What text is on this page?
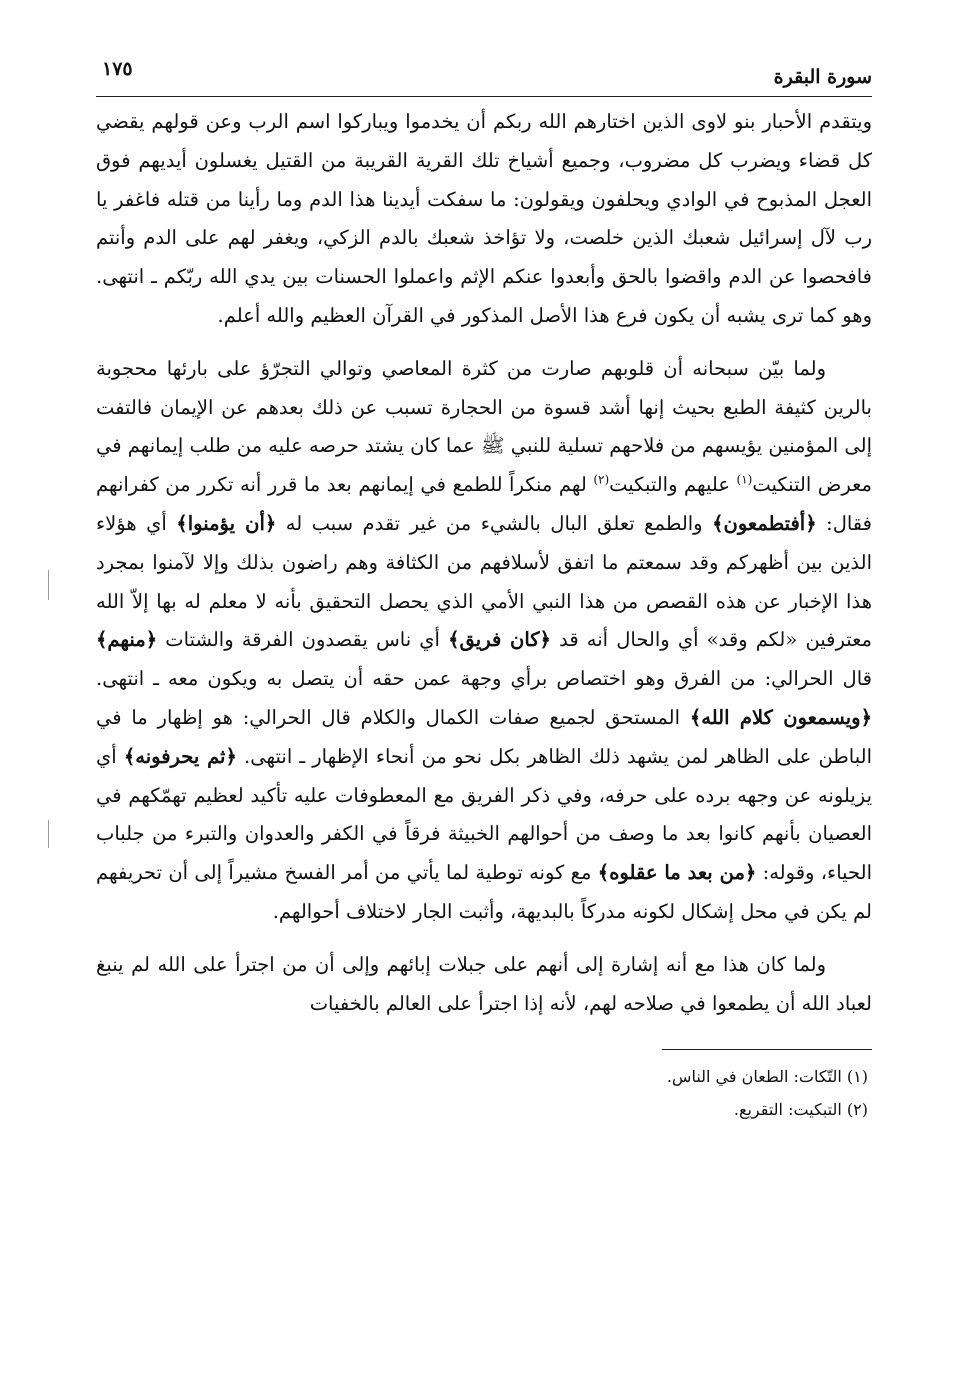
سورة البقرة
١٧٥

ويتقدم الأحبار بنو لاوى الذين اختارهم الله ربكم أن يخدموا ويباركوا اسم الرب وعن قولهم يقضي كل قضاء ويضرب كل مضروب، وجميع أشياخ تلك القرية القريبة من القتيل يغسلون أيديهم فوق العجل المذبوح في الوادي ويحلفون ويقولون: ما سفكت أيدينا هذا الدم وما رأينا من قتله فاغفر يا رب لآل إسرائيل شعبك الذين خلصت، ولا تؤاخذ شعبك بالدم الزكي، ويغفر لهم على الدم وأنتم فافحصوا عن الدم واقضوا بالحق وأبعدوا عنكم الإثم واعملوا الحسنات بين يدي الله ربّكم ـ انتهى. وهو كما ترى يشبه أن يكون فرع هذا الأصل المذكور في القرآن العظيم والله أعلم.

ولما بيّن سبحانه أن قلوبهم صارت من كثرة المعاصي وتوالي التجرّؤ على بارئها محجوبة بالرين كثيفة الطبع بحيث إنها أشد قسوة من الحجارة تسبب عن ذلك بعدهم عن الإيمان فالتفت إلى المؤمنين يؤيسهم من فلاحهم تسلية للنبي ﷺ عما كان يشتد حرصه عليه من طلب إيمانهم في معرض التنكيت$^{(١)}$ عليهم والتبكيت$^{(٢)}$ لهم منكراً للطمع في إيمانهم بعد ما قرر أنه تكرر من كفرانهم فقال: ﴿أفتطمعون﴾ والطمع تعلق البال بالشيء من غير تقدم سبب له ﴿أن يؤمنوا﴾ أي هؤلاء الذين بين أظهركم وقد سمعتم ما اتفق لأسلافهم من الكثافة وهم راضون بذلك وإلا لآمنوا بمجرد هذا الإخبار عن هذه القصص من هذا النبي الأمي الذي يحصل التحقيق بأنه لا معلم له بها إلاّ الله معترفين «لكم وقد» أي والحال أنه قد ﴿كان فريق﴾ أي ناس يقصدون الفرقة والشتات ﴿منهم﴾ قال الحرالي: من الفرق وهو اختصاص برأي وجهة عمن حقه أن يتصل به ويكون معه ـ انتهى. ﴿ويسمعون كلام الله﴾ المستحق لجميع صفات الكمال والكلام قال الحرالي: هو إظهار ما في الباطن على الظاهر لمن يشهد ذلك الظاهر بكل نحو من أنحاء الإظهار ـ انتهى. ﴿ثم يحرفونه﴾ أي يزيلونه عن وجهه برده على حرفه، وفي ذكر الفريق مع المعطوفات عليه تأكيد لعظيم تهمّكهم في العصيان بأنهم كانوا بعد ما وصف من أحوالهم الخبيثة فرقاً في الكفر والعدوان والتبرء من جلباب الحياء، وقوله: ﴿من بعد ما عقلوه﴾ مع كونه توطية لما يأتي من أمر الفسخ مشيراً إلى أن تحريفهم لم يكن في محل إشكال لكونه مدركاً بالبديهة، وأثبت الجار لاختلاف أحوالهم.

ولما كان هذا مع أنه إشارة إلى أنهم على جبلات إبائهم وإلى أن من اجترأ على الله لم ينبغ لعباد الله أن يطمعوا في صلاحه لهم، لأنه إذا اجترأ على العالم بالخفيات

(١) التّكات: الطعان في الناس.
(٢) التبكيت: التقريع.
